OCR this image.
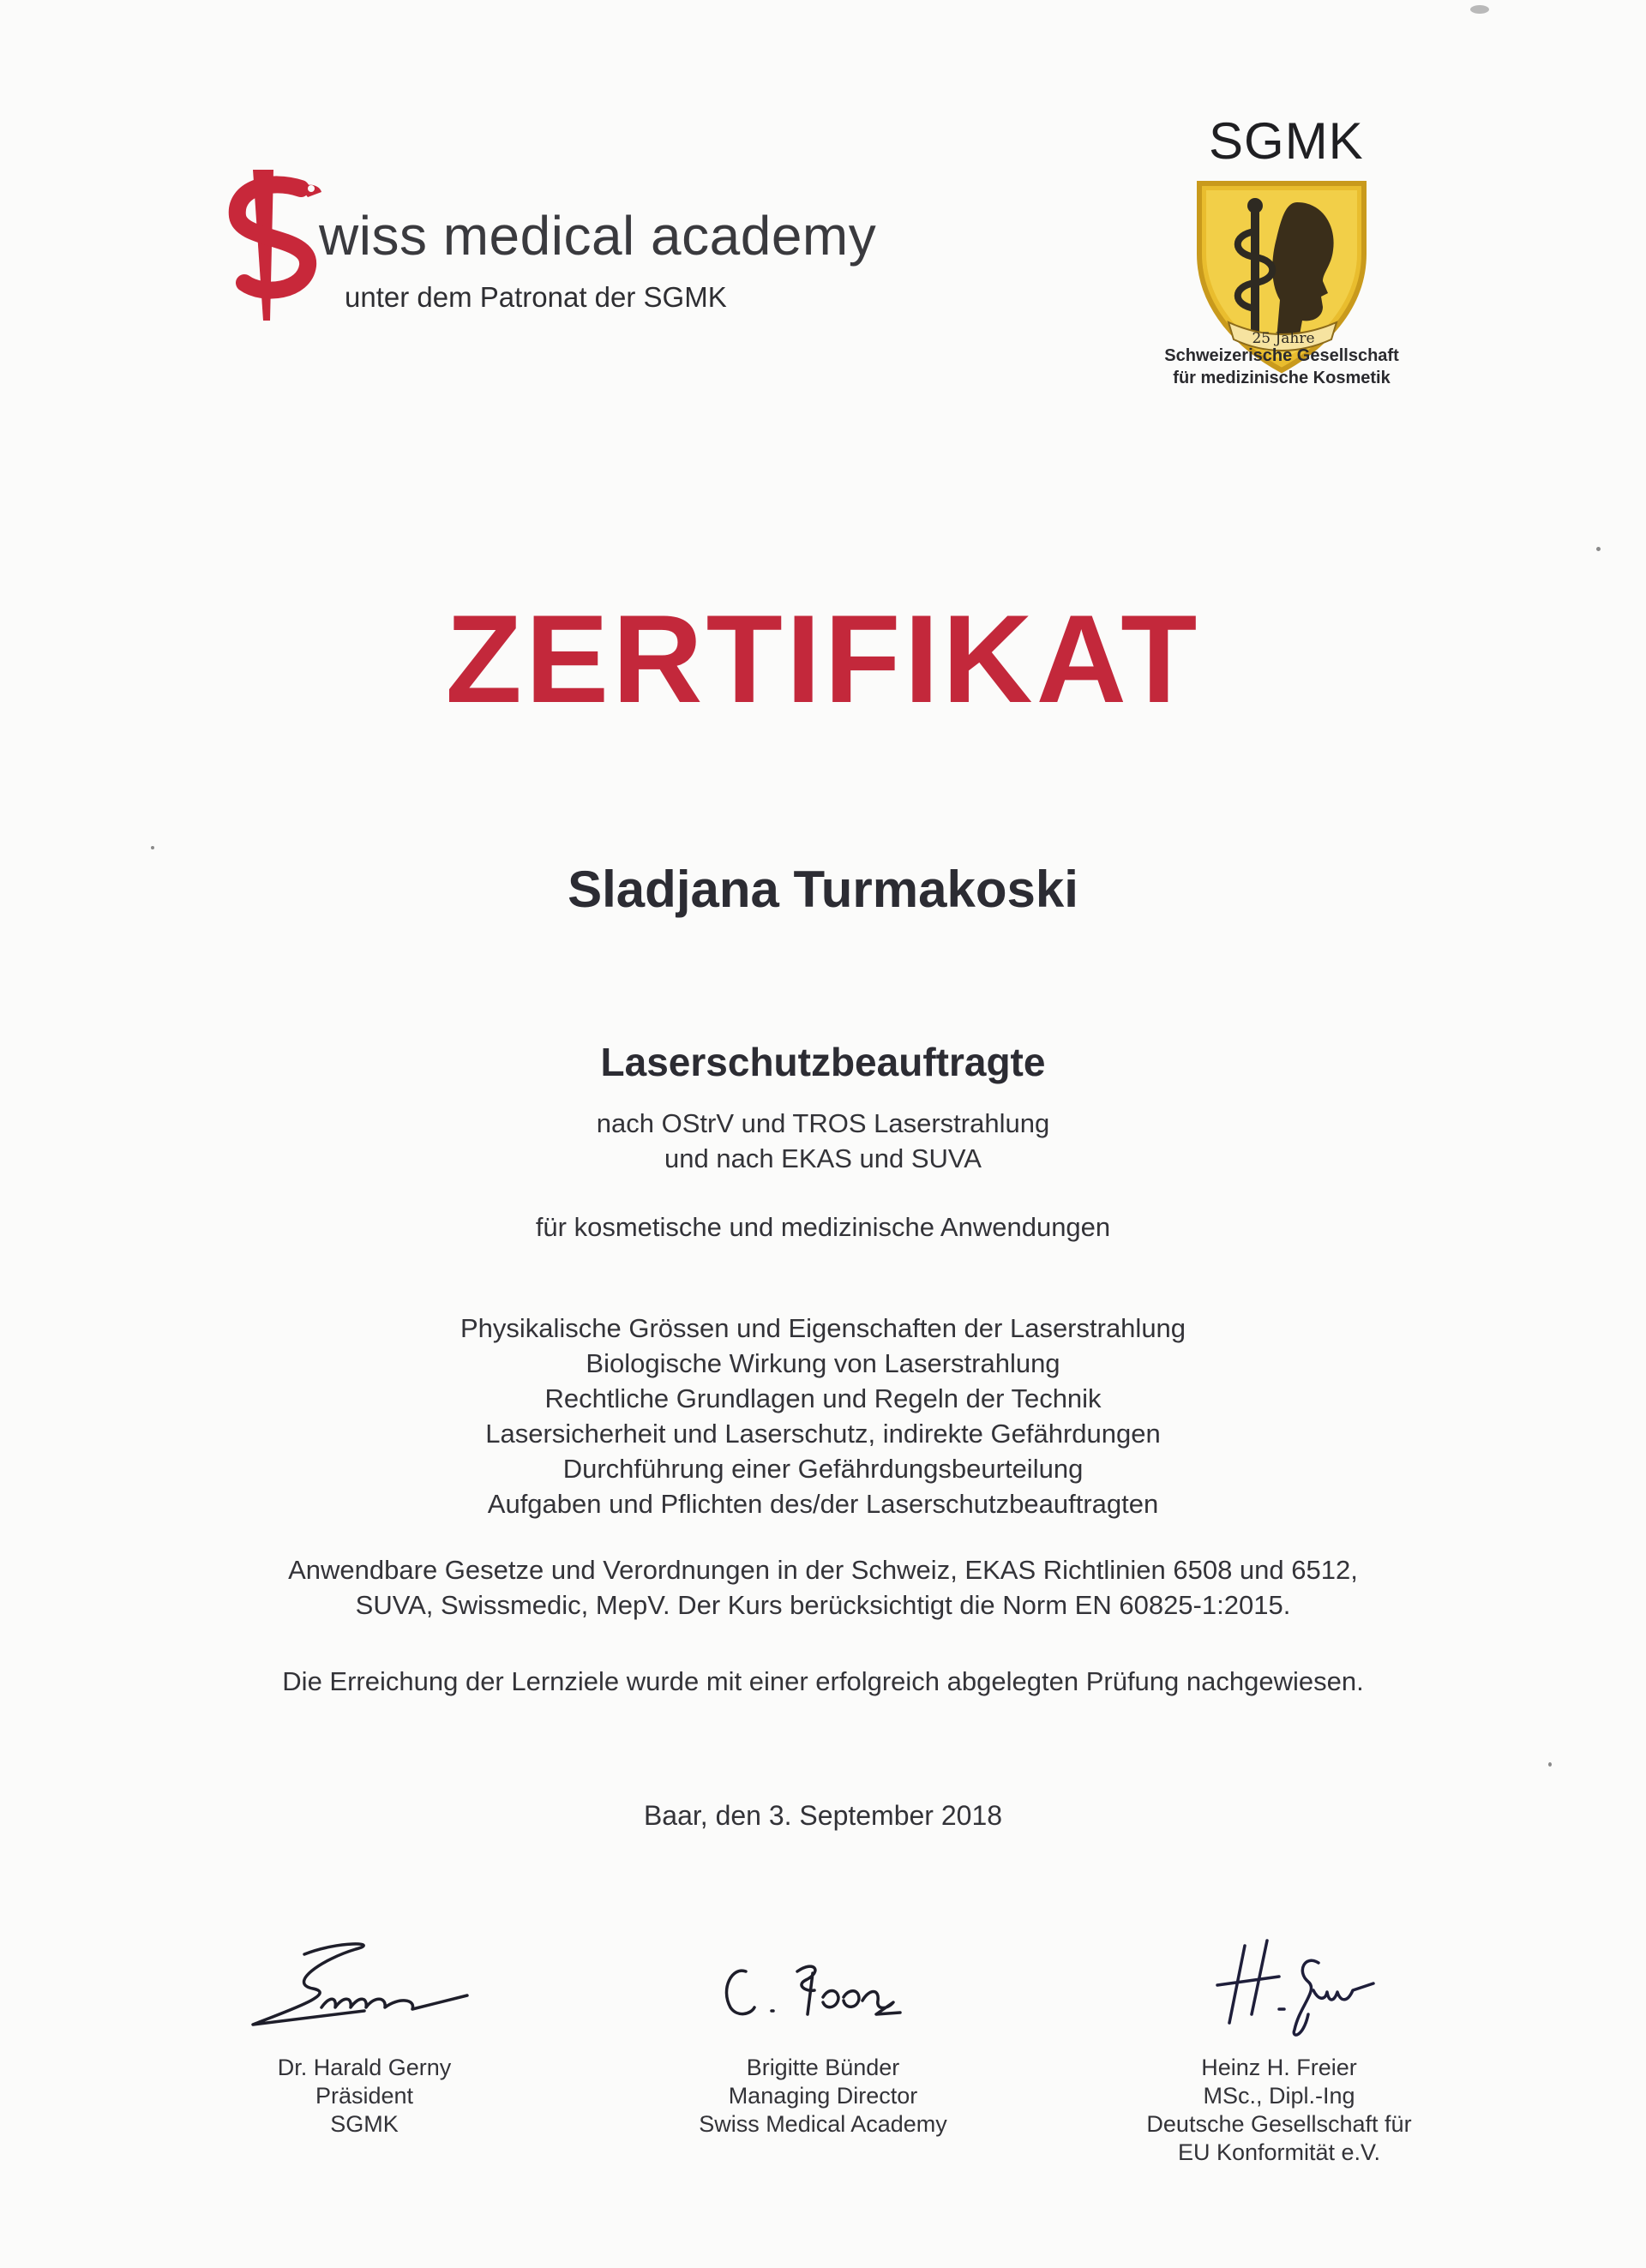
wiss medical academy
unter dem Patronat der SGMK
SGMK
25 Jahre
Schweizerische Gesellschaft
für medizinische Kosmetik
ZERTIFIKAT
Sladjana Turmakoski
Laserschutzbeauftragte
nach OStrV und TROS Laserstrahlung
und nach EKAS und SUVA
für kosmetische und medizinische Anwendungen
Physikalische Grössen und Eigenschaften der Laserstrahlung
Biologische Wirkung von Laserstrahlung
Rechtliche Grundlagen und Regeln der Technik
Lasersicherheit und Laserschutz, indirekte Gefährdungen
Durchführung einer Gefährdungsbeurteilung
Aufgaben und Pflichten des/der Laserschutzbeauftragten
Anwendbare Gesetze und Verordnungen in der Schweiz, EKAS Richtlinien 6508 und 6512,
SUVA, Swissmedic, MepV. Der Kurs berücksichtigt die Norm EN 60825-1:2015.
Die Erreichung der Lernziele wurde mit einer erfolgreich abgelegten Prüfung nachgewiesen.
Baar, den 3. September 2018
Dr. Harald Gerny
Präsident
SGMK
Brigitte Bünder
Managing Director
Swiss Medical Academy
Heinz H. Freier
MSc., Dipl.-Ing
Deutsche Gesellschaft für
EU Konformität e.V.
